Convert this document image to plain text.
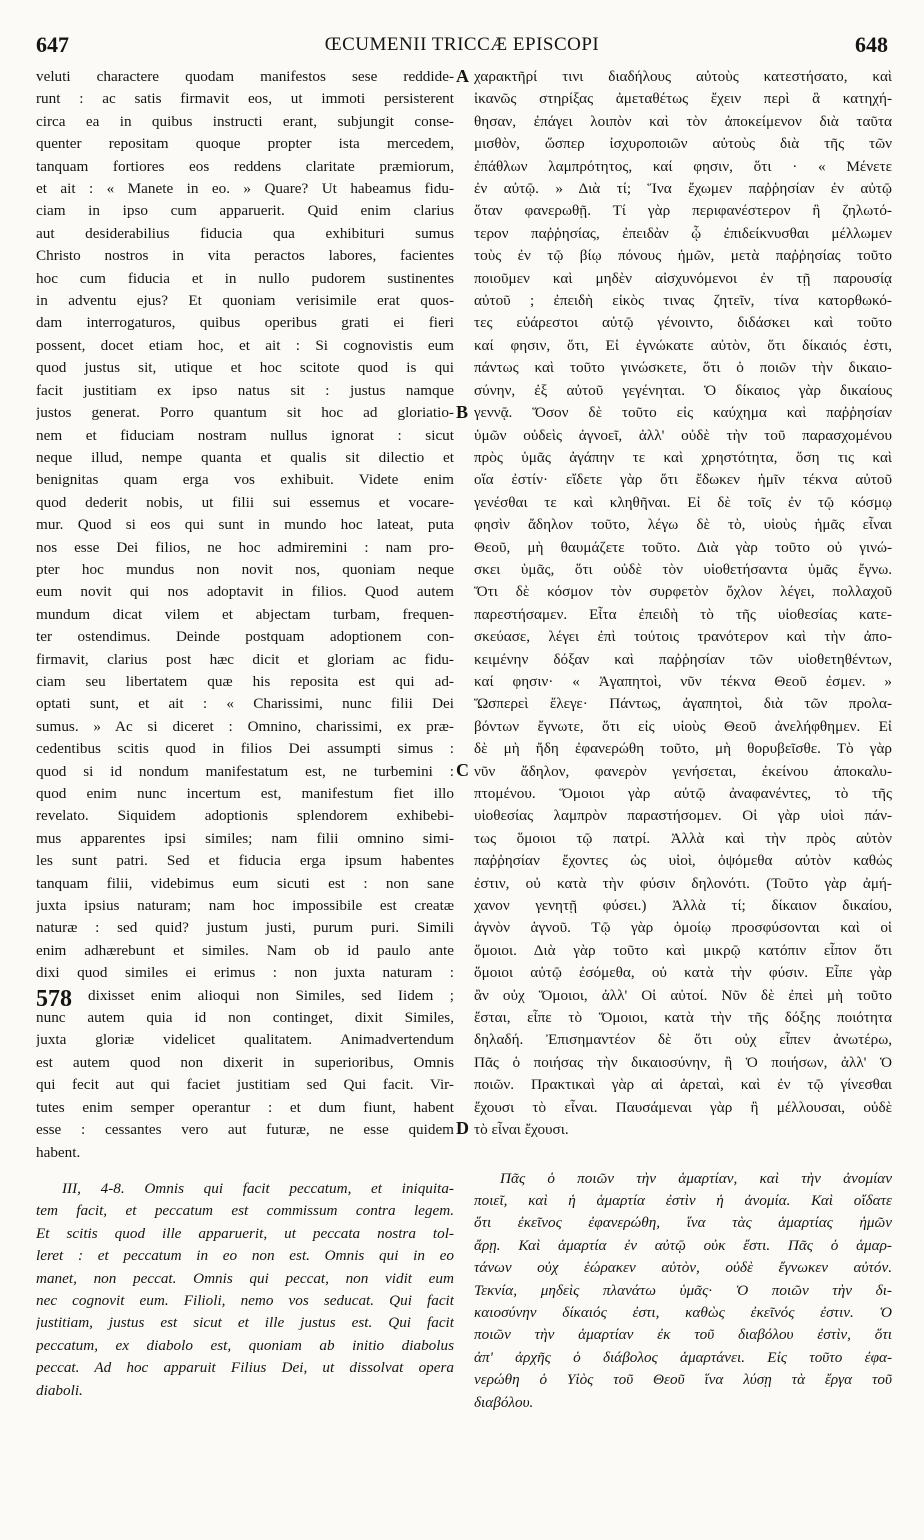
647	ŒCUMENII TRICCÆ EPISCOPI	648
A
B
C
D
578
veluti charactere quodam manifestos sese reddide-
runt : ac satis firmavit eos, ut immoti persisterent
circa ea in quibus instructi erant, subjungit conse-
quenter repositam quoque propter ista mercedem,
tanquam fortiores eos reddens claritate præmiorum,
et ait : « Manete in eo. » Quare? Ut habeamus fidu-
ciam in ipso cum apparuerit. Quid enim clarius
aut desiderabilius fiducia qua exhibituri sumus
Christo nostros in vita peractos labores, facientes
hoc cum fiducia et in nullo pudorem sustinentes
in adventu ejus? Et quoniam verisimile erat quos-
dam interrogaturos, quibus operibus grati ei fieri
possent, docet etiam hoc, et ait : Si cognovistis eum
quod justus sit, utique et hoc scitote quod is qui
facit justitiam ex ipso natus sit : justus namque
justos generat. Porro quantum sit hoc ad gloriatio-
nem et fiduciam nostram nullus ignorat : sicut
neque illud, nempe quanta et qualis sit dilectio et
benignitas quam erga vos exhibuit. Videte enim
quod dederit nobis, ut filii sui essemus et vocare-
mur. Quod si eos qui sunt in mundo hoc lateat, puta
nos esse Dei filios, ne hoc admiremini : nam pro-
pter hoc mundus non novit nos, quoniam neque
eum novit qui nos adoptavit in filios. Quod autem
mundum dicat vilem et abjectam turbam, frequen-
ter ostendimus. Deinde postquam adoptionem con-
firmavit, clarius post hæc dicit et gloriam ac fidu-
ciam seu libertatem quæ his reposita est qui ad-
optati sunt, et ait : « Charissimi, nunc filii Dei
sumus. » Ac si diceret : Omnino, charissimi, ex præ-
cedentibus scitis quod in filios Dei assumpti simus :
quod si id nondum manifestatum est, ne turbemini :
quod enim nunc incertum est, manifestum fiet illo
revelato. Siquidem adoptionis splendorem exhibebi-
mus apparentes ipsi similes; nam filii omnino simi-
les sunt patri. Sed et fiducia erga ipsum habentes
tanquam filii, videbimus eum sicuti est : non sane
juxta ipsius naturam; nam hoc impossibile est creatæ
naturæ : sed quid? justum justi, purum puri. Simili
enim adhærebunt et similes. Nam ob id paulo ante
dixi quod similes ei erimus : non juxta naturam :
dixisset enim alioqui non Similes, sed Iidem ;
nunc autem quia id non continget, dixit Similes,
juxta gloriæ videlicet qualitatem. Animadvertendum
est autem quod non dixerit in superioribus, Omnis
qui fecit aut qui faciet justitiam sed Qui facit. Vir-
tutes enim semper operantur : et dum fiunt, habent
esse : cessantes vero aut futuræ, ne esse quidem
habent.
III, 4-8. Omnis qui facit peccatum, et iniquita-
tem facit, et peccatum est commissum contra legem.
Et scitis quod ille apparuerit, ut peccata nostra tol-
leret : et peccatum in eo non est. Omnis qui in eo
manet, non peccat. Omnis qui peccat, non vidit eum
nec cognovit eum. Filioli, nemo vos seducat. Qui facit
justitiam, justus est sicut et ille justus est. Qui facit
peccatum, ex diabolo est, quoniam ab initio diabolus
peccat. Ad hoc apparuit Filius Dei, ut dissolvat opera
diaboli.
χαρακτῆρί τινι διαδήλους αὐτοὺς κατεστήσατο, καὶ
ἱκανῶς στηρίξας ἀμεταθέτως ἔχειν περὶ ἃ κατηχή-
θησαν, ἐπάγει λοιπὸν καὶ τὸν ἀποκείμενον διὰ ταῦτα
μισθὸν, ὥσπερ ἰσχυροποιῶν αὐτοὺς διὰ τῆς τῶν
ἐπάθλων λαμπρότητος, καί φησιν, ὅτι · « Μένετε
ἐν αὐτῷ. » Διὰ τί; Ἵνα ἔχωμεν παῤῥησίαν ἐν αὐτῷ
ὅταν φανερωθῇ. Τί γὰρ περιφανέστερον ἢ ζηλωτό-
τερον παῤῥησίας, ἐπειδὰν ᾧ ἐπιδείκνυσθαι μέλλωμεν
τοὺς ἐν τῷ βίῳ πόνους ἡμῶν, μετὰ παῤῥησίας τοῦτο
ποιοῦμεν καὶ μηδὲν αἰσχυνόμενοι ἐν τῇ παρουσίᾳ
αὐτοῦ ; ἐπειδὴ εἰκὸς τινας ζητεῖν, τίνα κατορθωκό-
τες εὐάρεστοι αὐτῷ γένοιντο, διδάσκει καὶ τοῦτο
καί φησιν, ὅτι, Εἰ ἐγνώκατε αὐτὸν, ὅτι δίκαιός ἐστι,
πάντως καὶ τοῦτο γινώσκετε, ὅτι ὁ ποιῶν τὴν δικαιο-
σύνην, ἐξ αὐτοῦ γεγένηται. Ὁ δίκαιος γὰρ δικαίους
γεννᾷ. Ὅσον δὲ τοῦτο εἰς καύχημα καὶ παῤῥησίαν
ὑμῶν οὐδεὶς ἀγνοεῖ, ἀλλ' οὐδὲ τὴν τοῦ παρασχομένου
πρὸς ὑμᾶς ἀγάπην τε καὶ χρηστότητα, ὅση τις καὶ
οἵα ἐστίν· εἴδετε γὰρ ὅτι ἔδωκεν ἡμῖν τέκνα αὐτοῦ
γενέσθαι τε καὶ κληθῆναι. Εἰ δὲ τοῖς ἐν τῷ κόσμῳ
φησὶν ἄδηλον τοῦτο, λέγω δὲ τὸ, υἱοὺς ἡμᾶς εἶναι
Θεοῦ, μὴ θαυμάζετε τοῦτο. Διὰ γὰρ τοῦτο οὐ γινώ-
σκει ὑμᾶς, ὅτι οὐδὲ τὸν υἱοθετήσαντα ὑμᾶς ἔγνω.
Ὅτι δὲ κόσμον τὸν συρφετὸν ὄχλον λέγει, πολλαχοῦ
παρεστήσαμεν. Εἶτα ἐπειδὴ τὸ τῆς υἱοθεσίας κατε-
σκεύασε, λέγει ἐπὶ τούτοις τρανότερον καὶ τὴν ἀπο-
κειμένην δόξαν καὶ παῤῥησίαν τῶν υἱοθετηθέντων,
καί φησιν· « Ἀγαπητοὶ, νῦν τέκνα Θεοῦ ἐσμεν. »
Ὥσπερεὶ ἔλεγε· Πάντως, ἀγαπητοὶ, διὰ τῶν προλα-
βόντων ἔγνωτε, ὅτι εἰς υἱοὺς Θεοῦ ἀνελήφθημεν. Εἰ
δὲ μὴ ἤδη ἐφανερώθη τοῦτο, μὴ θορυβεῖσθε. Τὸ γὰρ
νῦν ἄδηλον, φανερὸν γενήσεται, ἐκείνου ἀποκαλυ-
πτομένου. Ὅμοιοι γὰρ αὐτῷ ἀναφανέντες, τὸ τῆς
υἱοθεσίας λαμπρὸν παραστήσομεν. Οἱ γὰρ υἱοὶ πάν-
τως ὅμοιοι τῷ πατρί. Ἀλλὰ καὶ τὴν πρὸς αὐτὸν
παῤῥησίαν ἔχοντες ὡς υἱοὶ, ὀψόμεθα αὐτὸν καθώς
ἐστιν, οὐ κατὰ τὴν φύσιν δηλονότι. (Τοῦτο γὰρ ἀμή-
χανον γενητῇ φύσει.) Ἀλλὰ τί; δίκαιον δικαίου,
ἁγνὸν ἁγνοῦ. Τῷ γὰρ ὁμοίῳ προσφύσονται καὶ οἱ
ὅμοιοι. Διὰ γὰρ τοῦτο καὶ μικρῷ κατόπιν εἶπον ὅτι
ὅμοιοι αὐτῷ ἐσόμεθα, οὐ κατὰ τὴν φύσιν. Εἶπε γὰρ
ἂν οὐχ Ὅμοιοι, ἀλλ' Οἱ αὐτοί. Νῦν δὲ ἐπεὶ μὴ τοῦτο
ἔσται, εἶπε τὸ Ὅμοιοι, κατὰ τὴν τῆς δόξης ποιότητα
δηλαδή. Ἐπισημαντέον δὲ ὅτι οὐχ εἶπεν ἀνωτέρω,
Πᾶς ὁ ποιήσας τὴν δικαιοσύνην, ἢ Ὁ ποιήσων, ἀλλ' Ὁ
ποιῶν. Πρακτικαὶ γὰρ αἱ ἀρεταὶ, καὶ ἐν τῷ γίνεσθαι
ἔχουσι τὸ εἶναι. Παυσάμεναι γὰρ ἢ μέλλουσαι, οὐδὲ
τὸ εἶναι ἔχουσι.
Πᾶς ὁ ποιῶν τὴν ἁμαρτίαν, καὶ τὴν ἀνομίαν
ποιεῖ, καὶ ἡ ἁμαρτία ἐστὶν ἡ ἀνομία. Καὶ οἴδατε
ὅτι ἐκεῖνος ἐφανερώθη, ἵνα τὰς ἁμαρτίας ἡμῶν
ἄρῃ. Καὶ ἁμαρτία ἐν αὐτῷ οὐκ ἔστι. Πᾶς ὁ ἁμαρ-
τάνων οὐχ ἑώρακεν αὐτὸν, οὐδὲ ἔγνωκεν αὐτόν.
Τεκνία, μηδεὶς πλανάτω ὑμᾶς· Ὁ ποιῶν τὴν δι-
καιοσύνην δίκαιός ἐστι, καθὼς ἐκεῖνός ἐστιν. Ὁ
ποιῶν τὴν ἁμαρτίαν ἐκ τοῦ διαβόλου ἐστὶν, ὅτι
ἀπ' ἀρχῆς ὁ διάβολος ἁμαρτάνει. Εἰς τοῦτο ἐφα-
νερώθη ὁ Υἱὸς τοῦ Θεοῦ ἵνα λύσῃ τὰ ἔργα τοῦ
διαβόλου.
